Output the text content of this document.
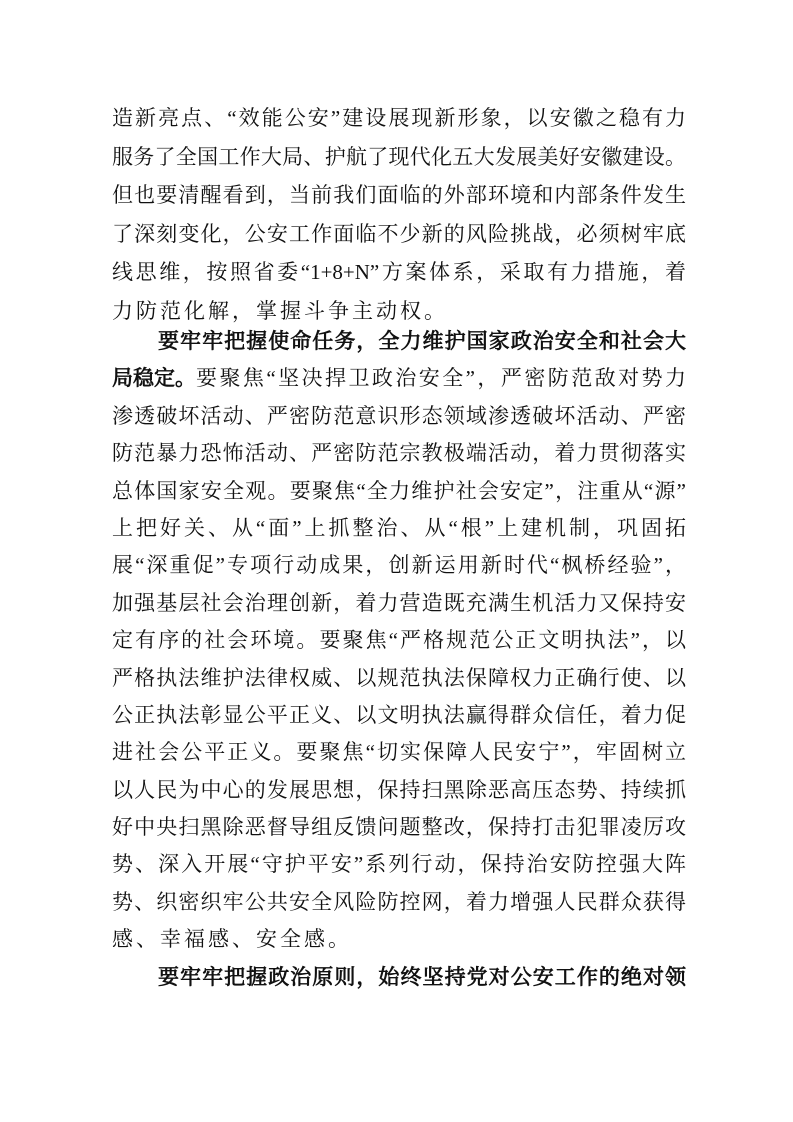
造新亮点、“效能公安”建设展现新形象，以安徽之稳有力
服务了全国工作大局、护航了现代化五大发展美好安徽建设。
但也要清醒看到，当前我们面临的外部环境和内部条件发生
了深刻变化，公安工作面临不少新的风险挑战，必须树牢底
线思维，按照省委“1+8+N”方案体系，采取有力措施，着
力防范化解，掌握斗争主动权。
要牢牢把握使命任务，全力维护国家政治安全和社会大
局稳定。 要聚焦“坚决捍卫政治安全”，严密防范敌对势力
渗透破坏活动、严密防范意识形态领域渗透破坏活动、严密
防范暴力恐怖活动、严密防范宗教极端活动，着力贯彻落实
总体国家安全观。要聚焦“全力维护社会安定”，注重从“源”
上把好关、从“面”上抓整治、从“根”上建机制，巩固拓
展“深重促”专项行动成果，创新运用新时代“枫桥经验”，
加强基层社会治理创新，着力营造既充满生机活力又保持安
定有序的社会环境。要聚焦“严格规范公正文明执法”，以
严格执法维护法律权威、以规范执法保障权力正确行使、以
公正执法彰显公平正义、以文明执法赢得群众信任，着力促
进社会公平正义。要聚焦“切实保障人民安宁”，牢固树立
以人民为中心的发展思想，保持扫黑除恶高压态势、持续抓
好中央扫黑除恶督导组反馈问题整改，保持打击犯罪凌厉攻
势、深入开展“守护平安”系列行动，保持治安防控强大阵
势、织密织牢公共安全风险防控网，着力增强人民群众获得
感、幸福感、安全感。
要牢牢把握政治原则，始终坚持党对公安工作的绝对领
